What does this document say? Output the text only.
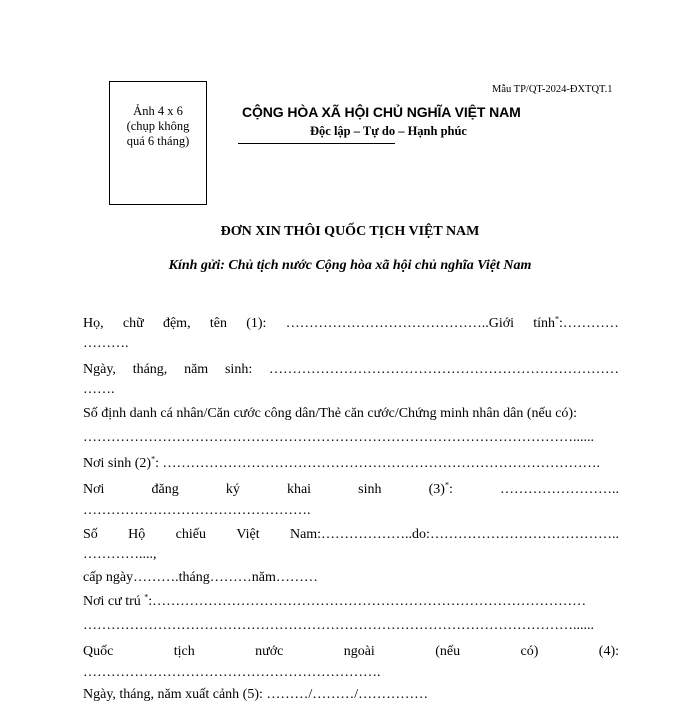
Ảnh 4 x 6
(chụp không
quá 6 tháng)
Mẫu TP/QT-2024-ĐXTQT.1
CỘNG HÒA XÃ HỘI CHỦ NGHĨA VIỆT NAM
Độc lập – Tự do – Hạnh phúc
ĐƠN XIN THÔI QUỐC TỊCH VIỆT NAM
Kính gửi: Chủ tịch nước Cộng hòa xã hội chủ nghĩa Việt Nam
Họ, chữ đệm, tên (1): ……………………………………..Giới tính*:…………
……….
Ngày, tháng, năm sinh: …………………………………………………………………
…….
Số định danh cá nhân/Căn cước công dân/Thẻ căn cước/Chứng minh nhân dân (nếu có):
……………………………………………………………………………………………......
Nơi sinh (2)*: ………………………………………………………………………………….
Nơi	đăng	ký	khai	sinh	(3)*:	……………………..
………………………………………….
Số Hộ chiếu Việt Nam:………………..do:…………………………………..
…………....,
cấp ngày……….tháng………năm………
Nơi cư trú *:…………………………………………………………………………………
……………………………………………………………………………………………......
Quốc	tịch	nước	ngoài	(nếu	có)	(4):
……………………………………………………….
Ngày, tháng, năm xuất cảnh (5): ………/………/……………
